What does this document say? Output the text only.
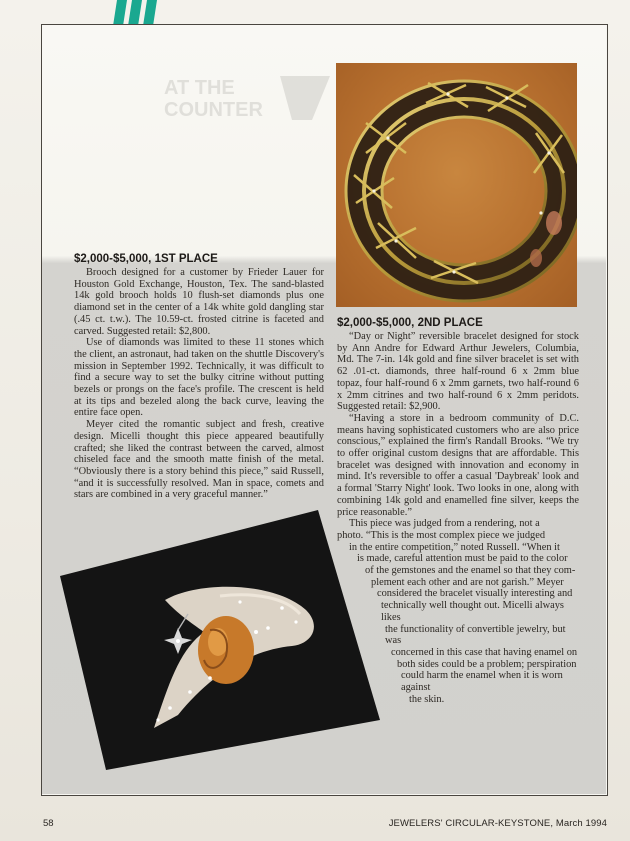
AT THE
COUNTER
$2,000-$5,000, 1ST PLACE

Brooch designed for a customer by Frieder Lauer for Houston Gold Exchange, Houston, Tex. The sand-blasted 14k gold brooch holds 10 flush-set diamonds plus one diamond set in the center of a 14k white gold dangling star (.45 ct. t.w.). The 10.59-ct. frosted citrine is faceted and carved. Suggested retail: $2,800.

Use of diamonds was limited to these 11 stones which the client, an astronaut, had taken on the shuttle Discovery's mission in September 1992. Technically, it was difficult to find a secure way to set the bulky citrine without putting bezels or prongs on the face's profile. The crescent is held at its tips and bezeled along the back curve, leaving the entire face open.

Meyer cited the romantic subject and fresh, creative design. Micelli thought this piece appeared beautifully crafted; she liked the contrast between the carved, almost chiseled face and the smooth matte finish of the metal. “Obviously there is a story behind this piece,” said Russell, “and it is successfully resolved. Man in space, comets and stars are combined in a very graceful manner.”

$2,000-$5,000, 2ND PLACE

“Day or Night” reversible bracelet designed for stock by Ann Andre for Edward Arthur Jewelers, Columbia, Md. The 7-in. 14k gold and fine silver bracelet is set with 62 .01-ct. diamonds, three half-round 6 x 2mm blue topaz, four half-round 6 x 2mm garnets, two half-round 6 x 2mm citrines and two half-round 6 x 2mm peridots. Suggested retail: $2,900.

“Having a store in a bedroom community of D.C. means having sophisticated customers who are also price conscious,” explained the firm's Randall Brooks. “We try to offer original custom designs that are affordable. This bracelet was designed with innovation and economy in mind. It's reversible to offer a casual 'Daybreak' look and a formal 'Starry Night' look. Two looks in one, along with combining 14k gold and enamelled fine silver, keeps the price reasonable.”

This piece was judged from a rendering, not a
photo. “This is the most complex piece we judged
in the entire competition,” noted Russell. “When it
is made, careful attention must be paid to the color
of the gemstones and the enamel so that they com-
plement each other and are not garish.” Meyer
considered the bracelet visually interesting and
technically well thought out. Micelli always likes
the functionality of convertible jewelry, but was
concerned in this case that having enamel on
both sides could be a problem; perspiration
could harm the enamel when it is worn against
the skin.
58	JEWELERS' CIRCULAR-KEYSTONE, March 1994
